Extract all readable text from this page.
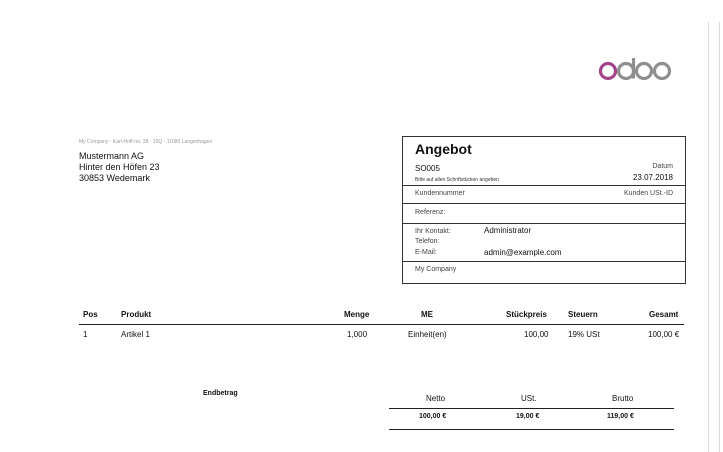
My Company · Karl-Hoff-rer. 38 · 10Q · 11080 Langenhagen
Mustermann AG
Hinter den Höfen 23
30853 Wedemark
Angebot
SO005
Bitte auf allen Schriftstücken angeben
Datum
23.07.2018
Kundennummer	Kunden USt.-ID
Referenz:
Ihr Kontakt:	Administrator
Telefon:
E-Mail:	admin@example.com
My Company
Pos	Produkt	Menge	ME	Stückpreis	Steuern	Gesamt
1	Artikel 1	1,000	Einheit(en)	100,00 19% USt	100,00 €
Endbetrag
Netto	USt.	Brutto
100,00 €	19,00 €	119,00 €
